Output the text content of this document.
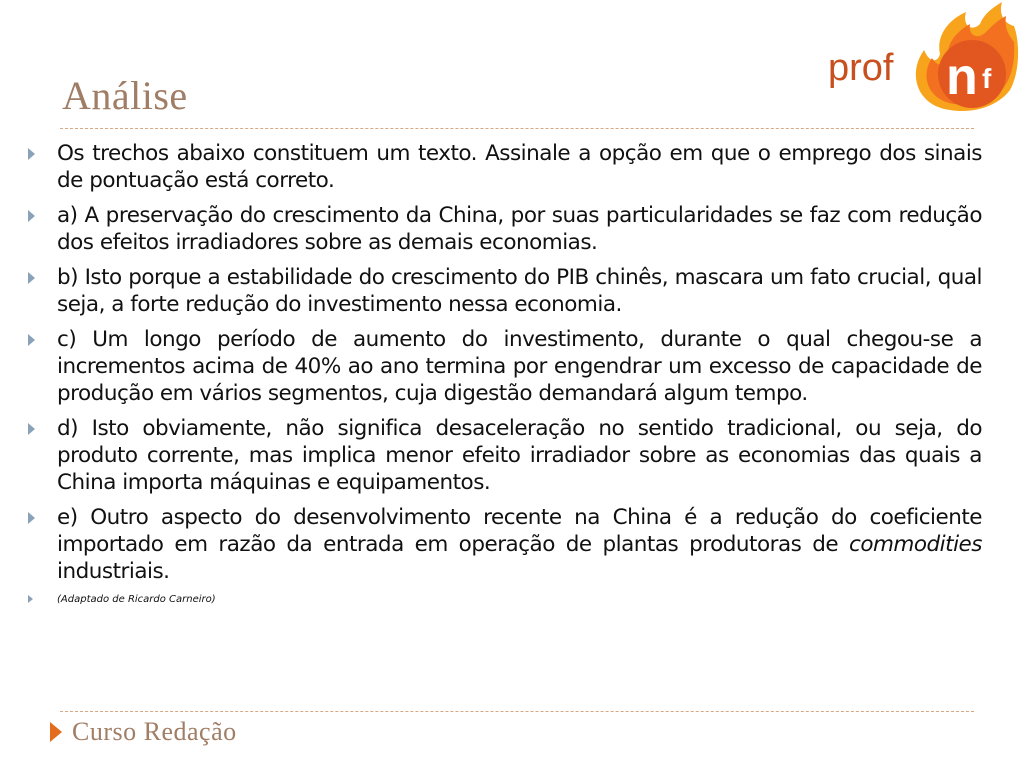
Análise	n f
prof
Os trechos abaixo constituem um texto. Assinale a opção em que o emprego dos sinais de pontuação está correto.
a) A preservação do crescimento da China, por suas particularidades se faz com redução dos efeitos irradiadores sobre as demais economias.
b) Isto porque a estabilidade do crescimento do PIB chinês, mascara um fato crucial, qual seja, a forte redução do investimento nessa economia.
c) Um longo período de aumento do investimento, durante o qual chegou-se a incrementos acima de 40% ao ano termina por engendrar um excesso de capacidade de produção em vários segmentos, cuja digestão demandará algum tempo.
d) Isto obviamente, não significa desaceleração no sentido tradicional, ou seja, do produto corrente, mas implica menor efeito irradiador sobre as economias das quais a China importa máquinas e equipamentos.
e) Outro aspecto do desenvolvimento recente na China é a redução do coeficiente importado em razão da entrada em operação de plantas produtoras de commodities industriais.
(Adaptado de Ricardo Carneiro)
Curso Redação
